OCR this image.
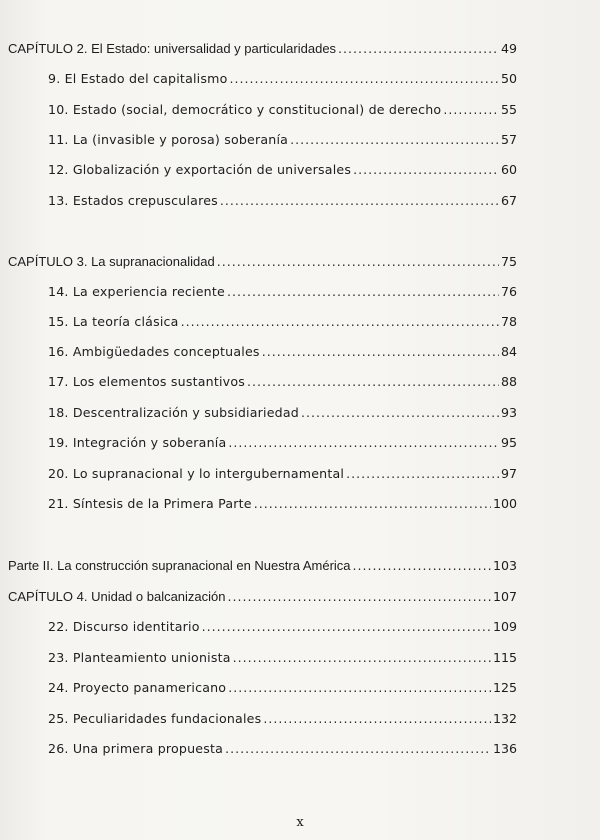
CAPÍTULO 2. El Estado: universalidad y particularidades .....	49
9. El Estado del capitalismo .....	50
10. Estado (social, democrático y constitucional) de derecho .....	55
11. La (invasible y porosa) soberanía .....	57
12. Globalización y exportación de universales .....	60
13. Estados crepusculares .....	67
CAPÍTULO 3. La supranacionalidad .....	75
14. La experiencia reciente .....	76
15. La teoría clásica .....	78
16. Ambigüedades conceptuales .....	84
17. Los elementos sustantivos .....	88
18. Descentralización y subsidiariedad .....	93
19. Integración y soberanía .....	95
20. Lo supranacional y lo intergubernamental .....	97
21. Síntesis de la Primera Parte .....	100
Parte II. La construcción supranacional en Nuestra América .....	103
CAPÍTULO 4. Unidad o balcanización .....	107
22. Discurso identitario .....	109
23. Planteamiento unionista .....	115
24. Proyecto panamericano .....	125
25. Peculiaridades fundacionales .....	132
26. Una primera propuesta .....	136
x
